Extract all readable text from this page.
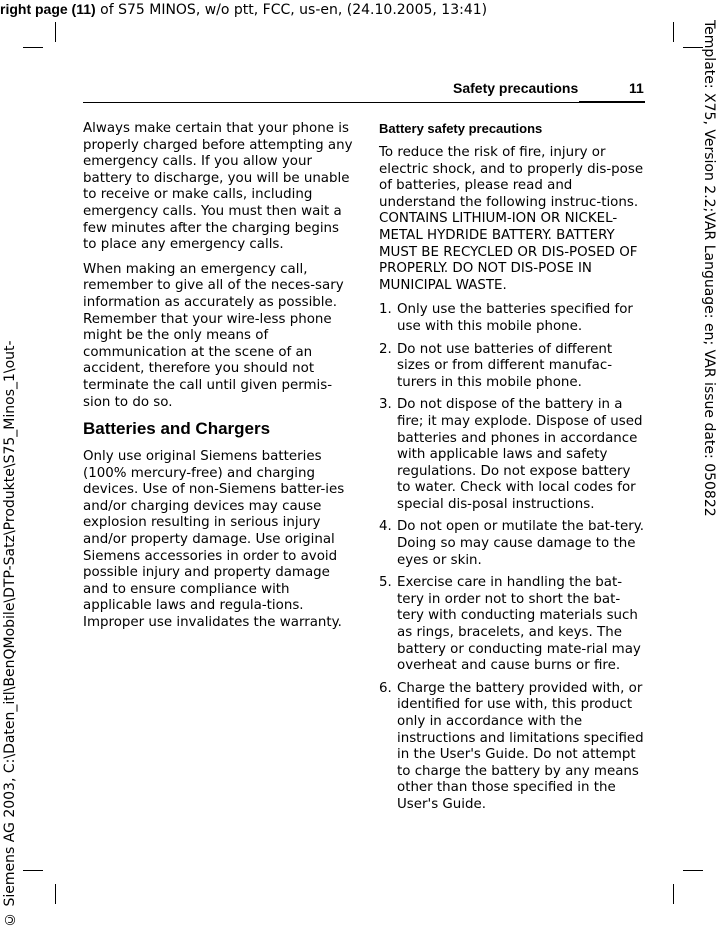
right page (11) of S75 MINOS, w/o ptt, FCC, us-en, (24.10.2005, 13:41)
Template: X75, Version 2.2;VAR Language: en; VAR issue date: 050822
© Siemens AG 2003, C:\Daten_itl\BenQMobile\DTP-Satz\Produkte\S75_Minos_1\out-
Safety precautions	11

Always make certain that your phone is properly charged before attempting any emergency calls. If you allow your battery to discharge, you will be unable to receive or make calls, including emergency calls. You must then wait a few minutes after the charging begins to place any emergency calls.

When making an emergency call, remember to give all of the neces-sary information as accurately as possible. Remember that your wire-less phone might be the only means of communication at the scene of an accident, therefore you should not terminate the call until given permis-sion to do so.

Batteries and Chargers

Only use original Siemens batteries (100% mercury-free) and charging devices. Use of non-Siemens batter-ies and/or charging devices may cause explosion resulting in serious injury and/or property damage. Use original Siemens accessories in order to avoid possible injury and property damage and to ensure compliance with applicable laws and regula-tions. Improper use invalidates the warranty.

Battery safety precautions

To reduce the risk of fire, injury or electric shock, and to properly dis-pose of batteries, please read and understand the following instruc-tions. CONTAINS LITHIUM-ION OR NICKEL-METAL HYDRIDE BATTERY. BATTERY MUST BE RECYCLED OR DIS-POSED OF PROPERLY. DO NOT DIS-POSE IN MUNICIPAL WASTE.

1. Only use the batteries specified for use with this mobile phone.
2. Do not use batteries of different sizes or from different manufac-turers in this mobile phone.
3. Do not dispose of the battery in a fire; it may explode. Dispose of used batteries and phones in accordance with applicable laws and safety regulations. Do not expose battery to water. Check with local codes for special dis-posal instructions.
4. Do not open or mutilate the bat-tery. Doing so may cause damage to the eyes or skin.
5. Exercise care in handling the bat-tery in order not to short the bat-tery with conducting materials such as rings, bracelets, and keys. The battery or conducting mate-rial may overheat and cause burns or fire.
6. Charge the battery provided with, or identified for use with, this product only in accordance with the instructions and limitations specified in the User's Guide. Do not attempt to charge the battery by any means other than those specified in the User's Guide.
